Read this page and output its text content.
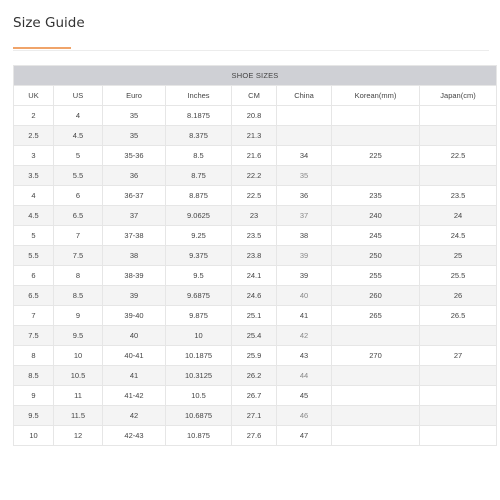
Size Guide
SHOE SIZES							
UK	US	Euro	Inches	CM	China	Korean(mm)	Japan(cm)
2	4	35	8.1875	20.8			
2.5	4.5	35	8.375	21.3			
3	5	35-36	8.5	21.6	34	225	22.5
3.5	5.5	36	8.75	22.2	35		
4	6	36-37	8.875	22.5	36	235	23.5
4.5	6.5	37	9.0625	23	37	240	24
5	7	37-38	9.25	23.5	38	245	24.5
5.5	7.5	38	9.375	23.8	39	250	25
6	8	38-39	9.5	24.1	39	255	25.5
6.5	8.5	39	9.6875	24.6	40	260	26
7	9	39-40	9.875	25.1	41	265	26.5
7.5	9.5	40	10	25.4	42		
8	10	40-41	10.1875	25.9	43	270	27
8.5	10.5	41	10.3125	26.2	44		
9	11	41-42	10.5	26.7	45		
9.5	11.5	42	10.6875	27.1	46		
10	12	42-43	10.875	27.6	47		
